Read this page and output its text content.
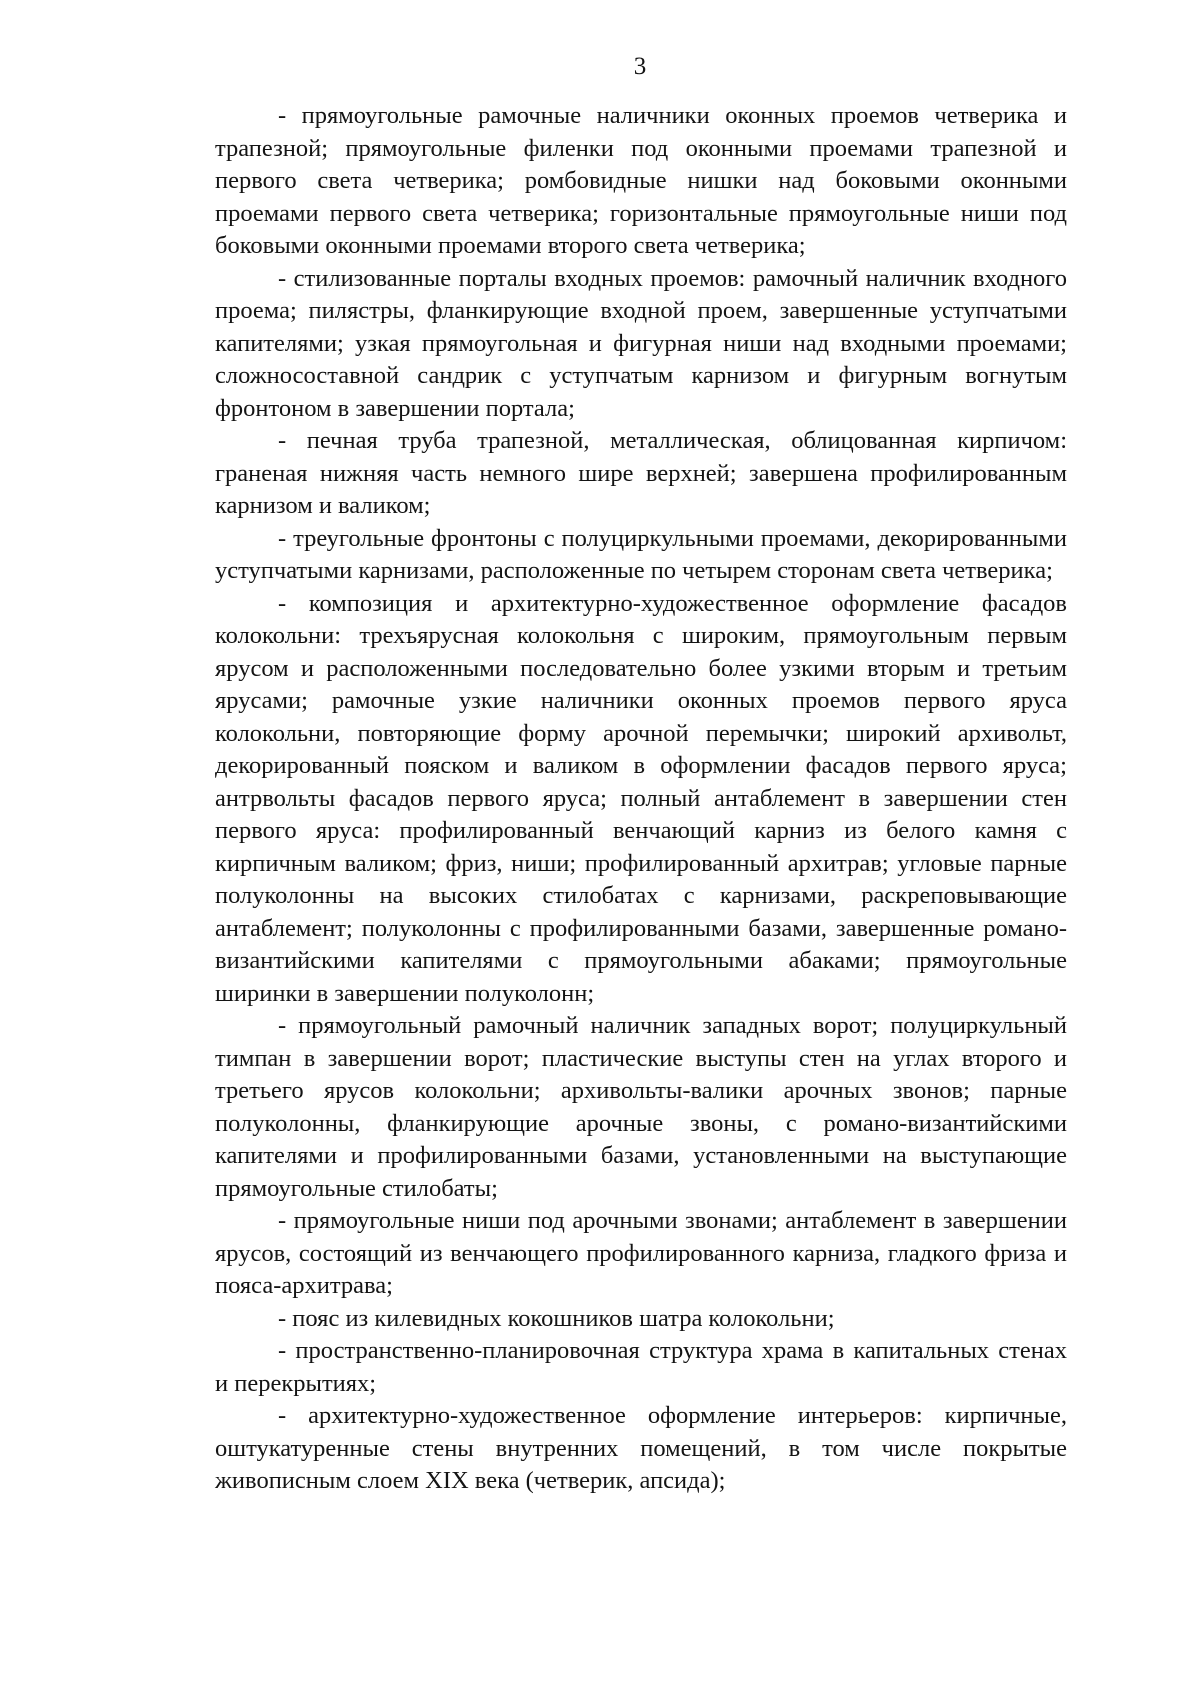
3

- прямоугольные рамочные наличники оконных проемов четверика и трапезной; прямоугольные филенки под оконными проемами трапезной и первого света четверика; ромбовидные нишки над боковыми оконными проемами первого света четверика; горизонтальные прямоугольные ниши под боковыми оконными проемами второго света четверика;

- стилизованные порталы входных проемов: рамочный наличник входного проема; пилястры, фланкирующие входной проем, завершенные уступчатыми капителями; узкая прямоугольная и фигурная ниши над входными проемами; сложносоставной сандрик с уступчатым карнизом и фигурным вогнутым фронтоном в завершении портала;

- печная труба трапезной, металлическая, облицованная кирпичом: граненая нижняя часть немного шире верхней; завершена профилированным карнизом и валиком;

- треугольные фронтоны с полуциркульными проемами, декорированными уступчатыми карнизами, расположенные по четырем сторонам света четверика;

- композиция и архитектурно-художественное оформление фасадов колокольни: трехъярусная колокольня с широким, прямоугольным первым ярусом и расположенными последовательно более узкими вторым и третьим ярусами; рамочные узкие наличники оконных проемов первого яруса колокольни, повторяющие форму арочной перемычки; широкий архивольт, декорированный пояском и валиком в оформлении фасадов первого яруса; антрвольты фасадов первого яруса; полный антаблемент в завершении стен первого яруса: профилированный венчающий карниз из белого камня с кирпичным валиком; фриз, ниши; профилированный архитрав; угловые парные полуколонны на высоких стилобатах с карнизами, раскреповывающие антаблемент; полуколонны с профилированными базами, завершенные романо-византийскими капителями с прямоугольными абаками; прямоугольные ширинки в завершении полуколонн;

- прямоугольный рамочный наличник западных ворот; полуциркульный тимпан в завершении ворот; пластические выступы стен на углах второго и третьего ярусов колокольни; архивольты-валики арочных звонов; парные полуколонны, фланкирующие арочные звоны, с романо-византийскими капителями и профилированными базами, установленными на выступающие прямоугольные стилобаты;

- прямоугольные ниши под арочными звонами; антаблемент в завершении ярусов, состоящий из венчающего профилированного карниза, гладкого фриза и пояса-архитрава;

- пояс из килевидных кокошников шатра колокольни;

- пространственно-планировочная структура храма в капитальных стенах и перекрытиях;

- архитектурно-художественное оформление интерьеров: кирпичные, оштукатуренные стены внутренних помещений, в том числе покрытые живописным слоем XIX века (четверик, апсида);
